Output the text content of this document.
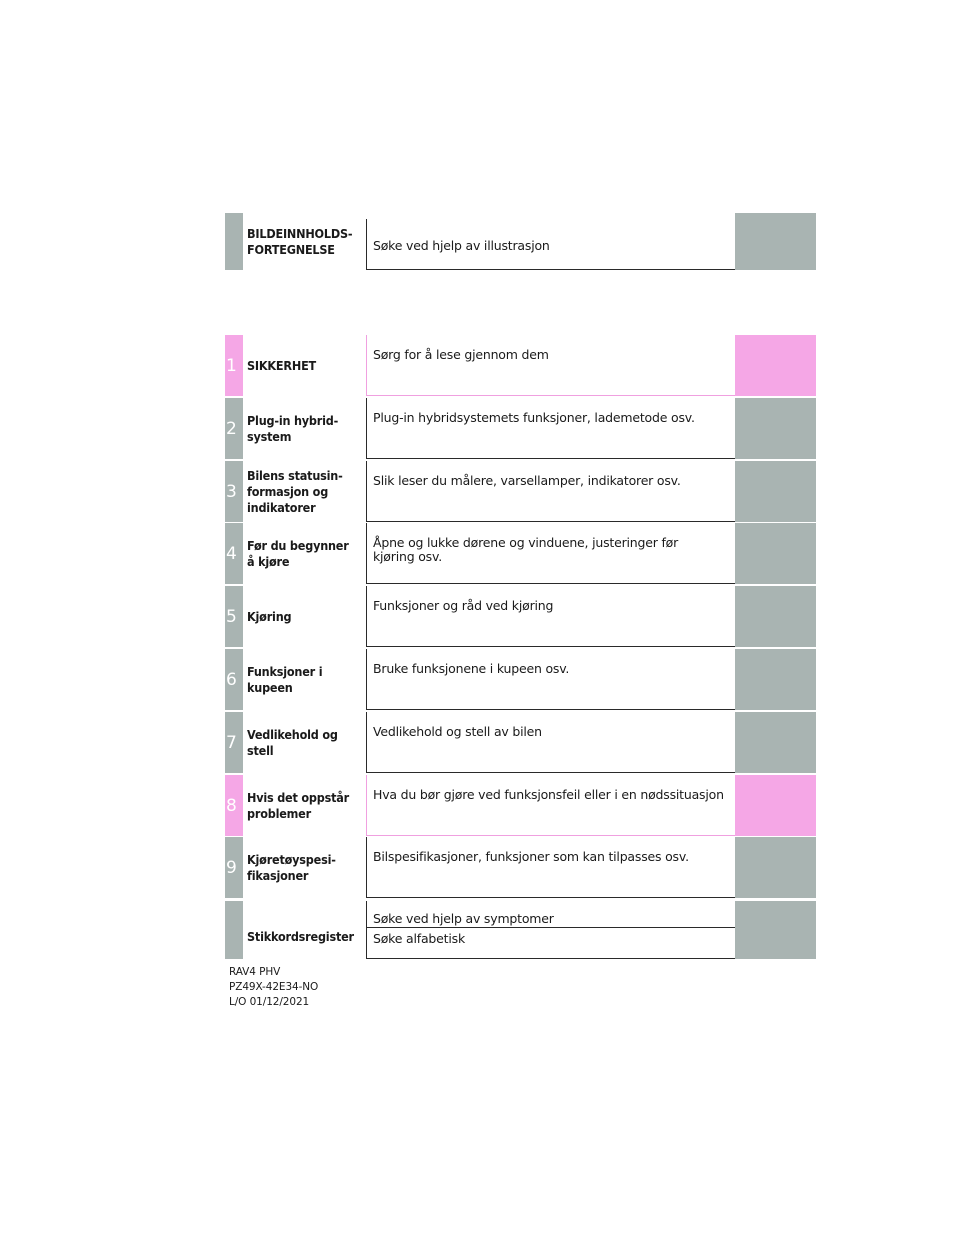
BILDEINNHOLDS-
FORTEGNELSE	Søke ved hjelp av illustrasjon
1 SIKKERHET
Sørg for å lese gjennom dem
2 Plug-in hybrid-
system
Plug-in hybridsystemets funksjoner, lademetode osv.
3
Bilens statusin-
formasjon og
indikatorer
Slik leser du målere, varsellamper, indikatorer osv.
4 Før du begynner
å kjøre
Åpne og lukke dørene og vinduene, justeringer før
kjøring osv.
5 Kjøring
Funksjoner og råd ved kjøring
6 Funksjoner i
kupeen
Bruke funksjonene i kupeen osv.
7 Vedlikehold og
stell
Vedlikehold og stell av bilen
8 Hvis det oppstår
problemer
Hva du bør gjøre ved funksjonsfeil eller i en nødssituasjon
9 Kjøretøyspesi-
fikasjoner
Bilspesifikasjoner, funksjoner som kan tilpasses osv.
Stikkordsregister
Søke ved hjelp av symptomer
Søke alfabetisk
RAV4 PHV
PZ49X-42E34-NO
L/O 01/12/2021
